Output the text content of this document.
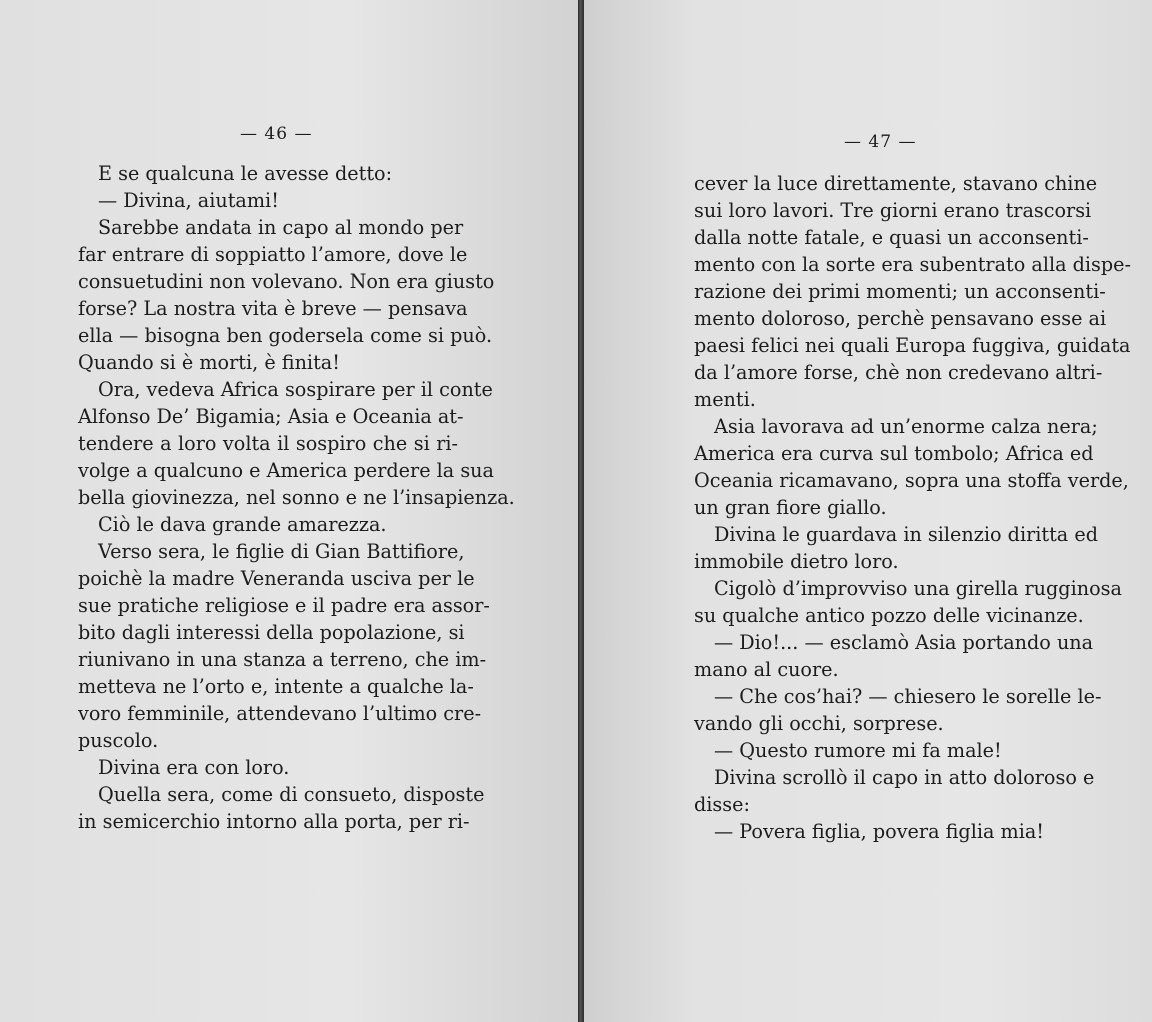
— 46 —
E se qualcuna le avesse detto:
— Divina, aiutami!
Sarebbe andata in capo al mondo per
far entrare di soppiatto l’amore, dove le
consuetudini non volevano. Non era giusto
forse? La nostra vita è breve — pensava
ella — bisogna ben godersela come si può.
Quando si è morti, è finita!
Ora, vedeva Africa sospirare per il conte
Alfonso De’ Bigamia; Asia e Oceania at-
tendere a loro volta il sospiro che si ri-
volge a qualcuno e America perdere la sua
bella giovinezza, nel sonno e ne l’insapienza.
Ciò le dava grande amarezza.
Verso sera, le figlie di Gian Battifiore,
poichè la madre Veneranda usciva per le
sue pratiche religiose e il padre era assor-
bito dagli interessi della popolazione, si
riunivano in una stanza a terreno, che im-
metteva ne l’orto e, intente a qualche la-
voro femminile, attendevano l’ultimo cre-
puscolo.
Divina era con loro.
Quella sera, come di consueto, disposte
in semicerchio intorno alla porta, per ri-
— 47 —
cever la luce direttamente, stavano chine
sui loro lavori. Tre giorni erano trascorsi
dalla notte fatale, e quasi un acconsenti-
mento con la sorte era subentrato alla dispe-
razione dei primi momenti; un acconsenti-
mento doloroso, perchè pensavano esse ai
paesi felici nei quali Europa fuggiva, guidata
da l’amore forse, chè non credevano altri-
menti.
Asia lavorava ad un’enorme calza nera;
America era curva sul tombolo; Africa ed
Oceania ricamavano, sopra una stoffa verde,
un gran fiore giallo.
Divina le guardava in silenzio diritta ed
immobile dietro loro.
Cigolò d’improvviso una girella rugginosa
su qualche antico pozzo delle vicinanze.
— Dio!... — esclamò Asia portando una
mano al cuore.
— Che cos’hai? — chiesero le sorelle le-
vando gli occhi, sorprese.
— Questo rumore mi fa male!
Divina scrollò il capo in atto doloroso e
disse:
— Povera figlia, povera figlia mia!
